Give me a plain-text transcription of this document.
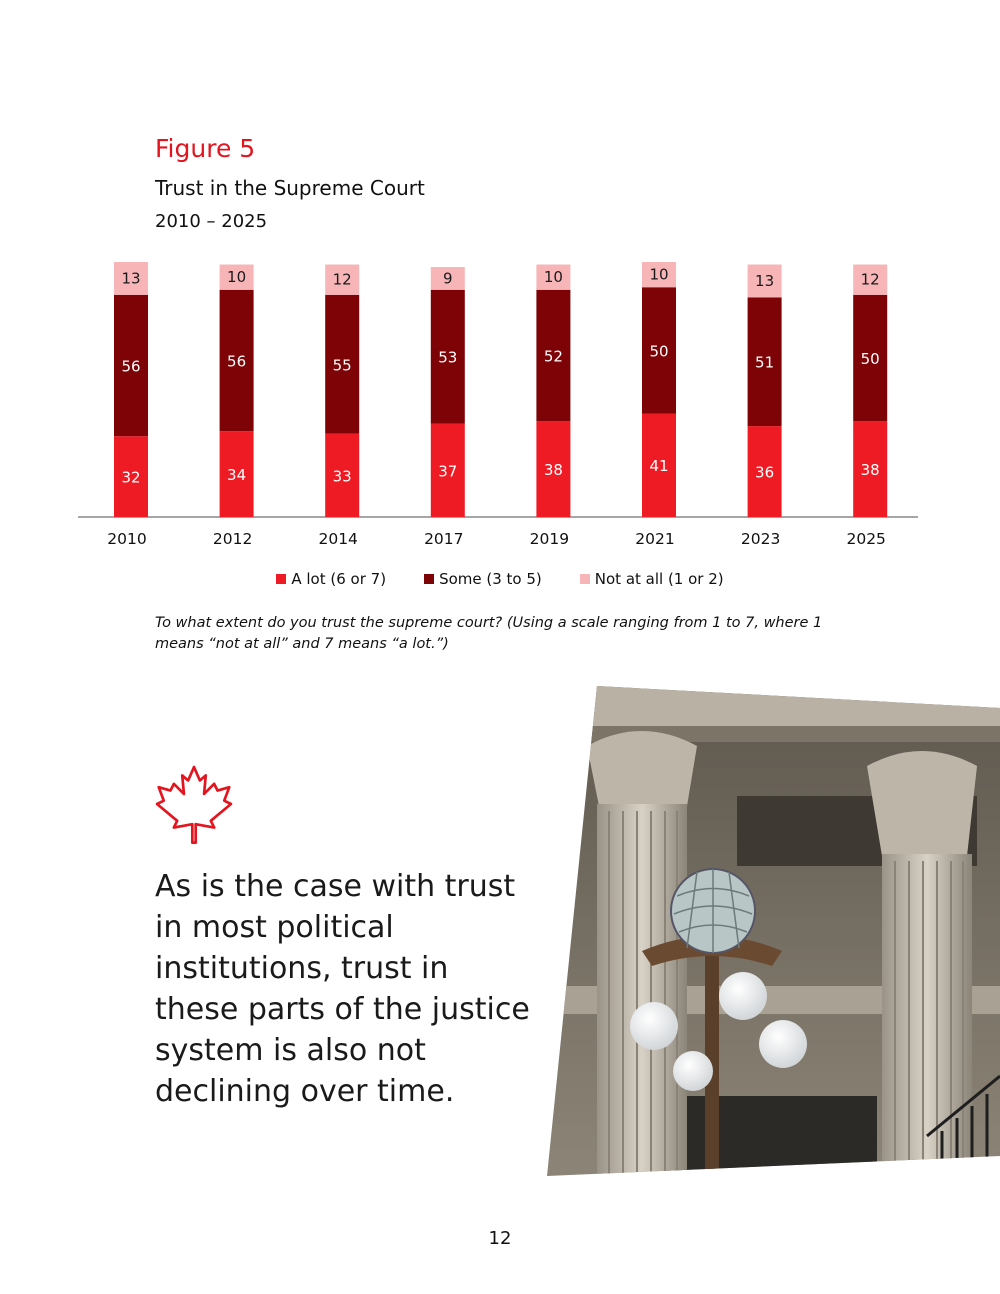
Figure 5
Trust in the Supreme Court
2010 – 2025
32
56
13
2010
34
56
10
2012
33
55
12
2014
37
53
9
2017
38
52
10
2019
41
50
10
2021
36
51
13
2023
38
50
12
2025
A lot (6 or 7)	Some (3 to 5)	Not at all (1 or 2)
To what extent do you trust the supreme court? (Using a scale ranging from 1 to 7, where 1 means “not at all” and 7 means “a lot.”)
As is the case with trust in most political institutions, trust in these parts of the justice system is also not declining over time.
12
